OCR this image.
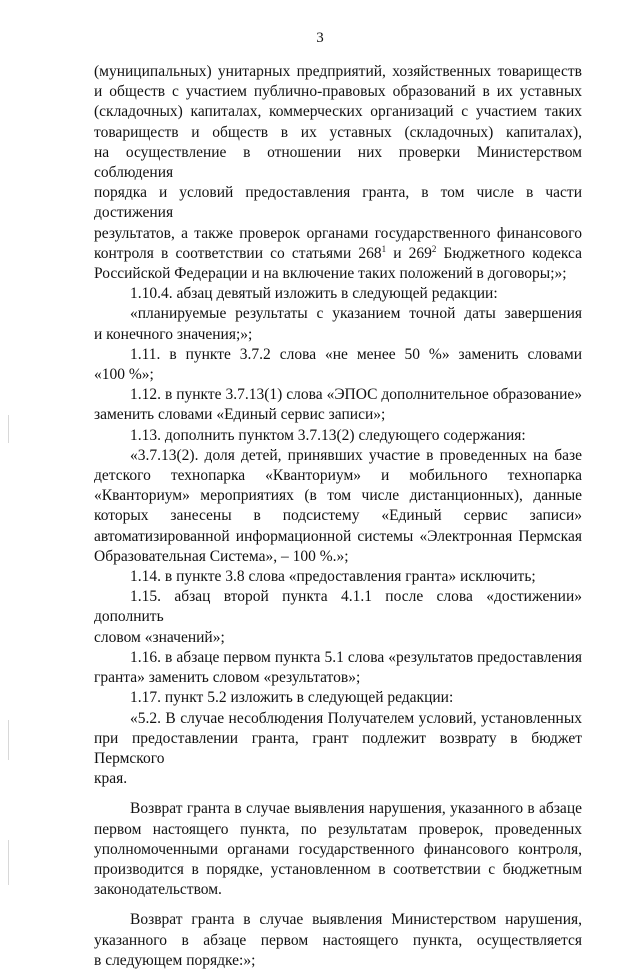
3

(муниципальных) унитарных предприятий, хозяйственных товариществ
и обществ с участием публично-правовых образований в их уставных
(складочных) капиталах, коммерческих организаций с участием таких
товариществ и обществ в их уставных (складочных) капиталах),
на осуществление в отношении них проверки Министерством соблюдения
порядка и условий предоставления гранта, в том числе в части достижения
результатов, а также проверок органами государственного финансового
контроля в соответствии со статьями $268^1$ и $269^2$ Бюджетного кодекса
Российской Федерации и на включение таких положений в договоры;»;

1.10.4. абзац девятый изложить в следующей редакции:

«планируемые результаты с указанием точной даты завершения
и конечного значения;»;

1.11. в пункте 3.7.2 слова «не менее 50 %» заменить словами
«100 %»;

1.12. в пункте 3.7.13(1) слова «ЭПОС дополнительное образование»
заменить словами «Единый сервис записи»;

1.13. дополнить пунктом 3.7.13(2) следующего содержания:

«3.7.13(2). доля детей, принявших участие в проведенных на базе
детского технопарка «Кванториум» и мобильного технопарка
«Кванториум» мероприятиях (в том числе дистанционных), данные
которых занесены в подсистему «Единый сервис записи»
автоматизированной информационной системы «Электронная Пермская
Образовательная Система», – 100 %.»;

1.14. в пункте 3.8 слова «предоставления гранта» исключить;

1.15. абзац второй пункта 4.1.1 после слова «достижении» дополнить
словом «значений»;

1.16. в абзаце первом пункта 5.1 слова «результатов предоставления
гранта» заменить словом «результатов»;

1.17. пункт 5.2 изложить в следующей редакции:

«5.2. В случае несоблюдения Получателем условий, установленных
при предоставлении гранта, грант подлежит возврату в бюджет Пермского
края.

Возврат гранта в случае выявления нарушения, указанного в абзаце
первом настоящего пункта, по результатам проверок, проведенных
уполномоченными органами государственного финансового контроля,
производится в порядке, установленном в соответствии с бюджетным
законодательством.

Возврат гранта в случае выявления Министерством нарушения,
указанного в абзаце первом настоящего пункта, осуществляется
в следующем порядке:»;
